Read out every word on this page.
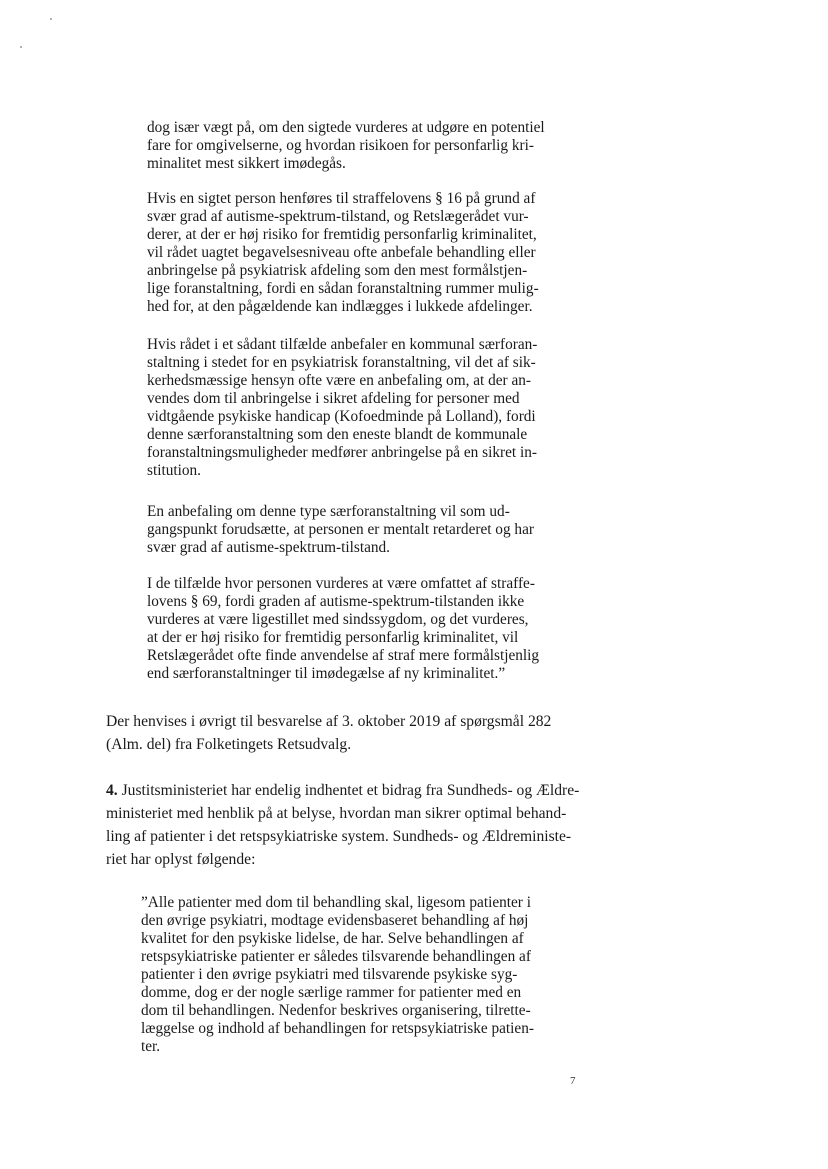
dog især vægt på, om den sigtede vurderes at udgøre en potentiel
fare for omgivelserne, og hvordan risikoen for personfarlig kri-
minalitet mest sikkert imødegås.
Hvis en sigtet person henføres til straffelovens § 16 på grund af
svær grad af autisme-spektrum-tilstand, og Retslægerådet vur-
derer, at der er høj risiko for fremtidig personfarlig kriminalitet,
vil rådet uagtet begavelsesniveau ofte anbefale behandling eller
anbringelse på psykiatrisk afdeling som den mest formålstjen-
lige foranstaltning, fordi en sådan foranstaltning rummer mulig-
hed for, at den pågældende kan indlægges i lukkede afdelinger.
Hvis rådet i et sådant tilfælde anbefaler en kommunal særforan-
staltning i stedet for en psykiatrisk foranstaltning, vil det af sik-
kerhedsmæssige hensyn ofte være en anbefaling om, at der an-
vendes dom til anbringelse i sikret afdeling for personer med
vidtgående psykiske handicap (Kofoedminde på Lolland), fordi
denne særforanstaltning som den eneste blandt de kommunale
foranstaltningsmuligheder medfører anbringelse på en sikret in-
stitution.
En anbefaling om denne type særforanstaltning vil som ud-
gangspunkt forudsætte, at personen er mentalt retarderet og har
svær grad af autisme-spektrum-tilstand.
I de tilfælde hvor personen vurderes at være omfattet af straffe-
lovens § 69, fordi graden af autisme-spektrum-tilstanden ikke
vurderes at være ligestillet med sindssygdom, og det vurderes,
at der er høj risiko for fremtidig personfarlig kriminalitet, vil
Retslægerådet ofte finde anvendelse af straf mere formålstjenlig
end særforanstaltninger til imødegælse af ny kriminalitet.”
Der henvises i øvrigt til besvarelse af 3. oktober 2019 af spørgsmål 282
(Alm. del) fra Folketingets Retsudvalg.
4. Justitsministeriet har endelig indhentet et bidrag fra Sundheds- og Ældre-
ministeriet med henblik på at belyse, hvordan man sikrer optimal behand-
ling af patienter i det retspsykiatriske system. Sundheds- og Ældreministe-
riet har oplyst følgende:
”Alle patienter med dom til behandling skal, ligesom patienter i
den øvrige psykiatri, modtage evidensbaseret behandling af høj
kvalitet for den psykiske lidelse, de har. Selve behandlingen af
retspsykiatriske patienter er således tilsvarende behandlingen af
patienter i den øvrige psykiatri med tilsvarende psykiske syg-
domme, dog er der nogle særlige rammer for patienter med en
dom til behandlingen. Nedenfor beskrives organisering, tilrette-
læggelse og indhold af behandlingen for retspsykiatriske patien-
ter.
7
